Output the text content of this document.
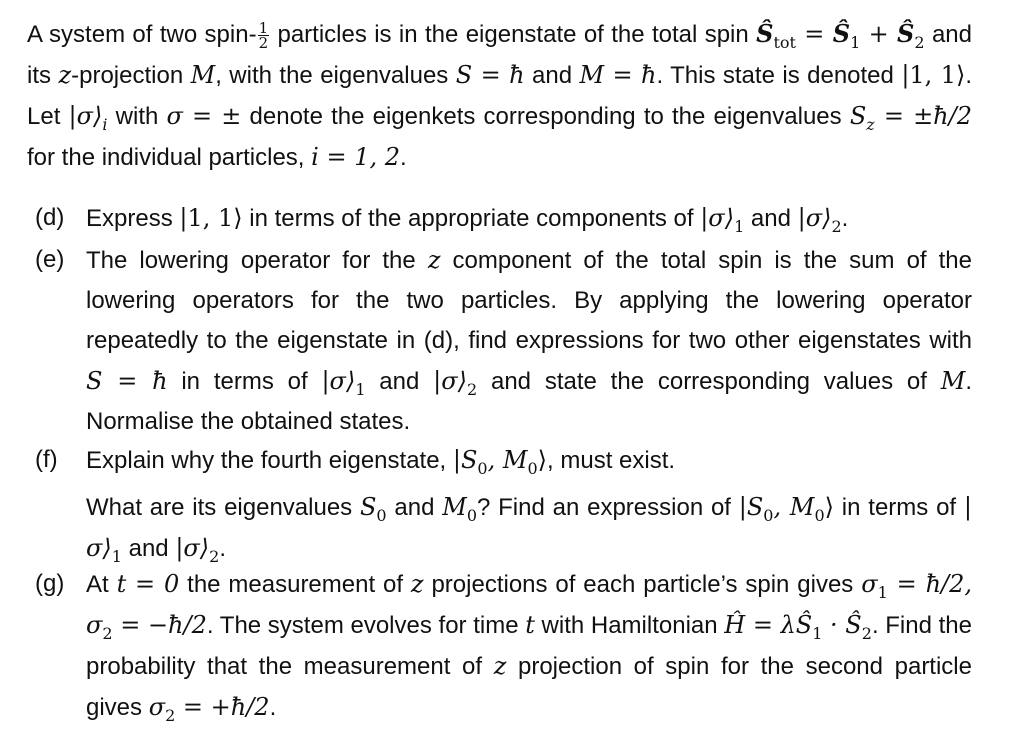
A system of two spin- $\frac{1}{2}$ particles is in the eigenstate of the total spin $Ŝ_{tot}$ = $Ŝ_1$ + $Ŝ_2$ and its z-projection M, with the eigenvalues S = ħ and M = ħ. This state is denoted |1, 1⟩. Let $|\sigma⟩_i$ with σ = ± denote the eigenkets corresponding to the eigenvalues $S_z$ = ±ħ/2 for the individual particles, i = 1, 2.
(d) Express |1, 1⟩ in terms of the appropriate components of $|\sigma⟩_1$ and $|\sigma⟩_2$.
(e) The lowering operator for the z component of the total spin is the sum of the lowering operators for the two particles. By applying the lowering operator repeatedly to the eigenstate in (d), find expressions for two other eigenstates with S = ħ in terms of $|\sigma⟩_1$ and $|\sigma⟩_2$ and state the corresponding values of M. Normalise the obtained states.
(f)	Explain why the fourth eigenstate, $|S_0$, $M_0⟩$, must exist.
What are its eigenvalues $S_0$ and $M_0$? Find an expression of $|S_0$, $M_0⟩$ in terms of $|\sigma⟩_1$ and $|\sigma⟩_2$.
(g) At t = 0 the measurement of z projections of each particle’s spin gives $\sigma_1$ = ħ/2, $\sigma_2$ = −ħ/2. The system evolves for time t with Hamiltonian Ĥ = $\lambda Ŝ_1$ · $Ŝ_2$. Find the probability that the measurement of z projection of spin for the second particle gives $\sigma_2$ = +ħ/2.
